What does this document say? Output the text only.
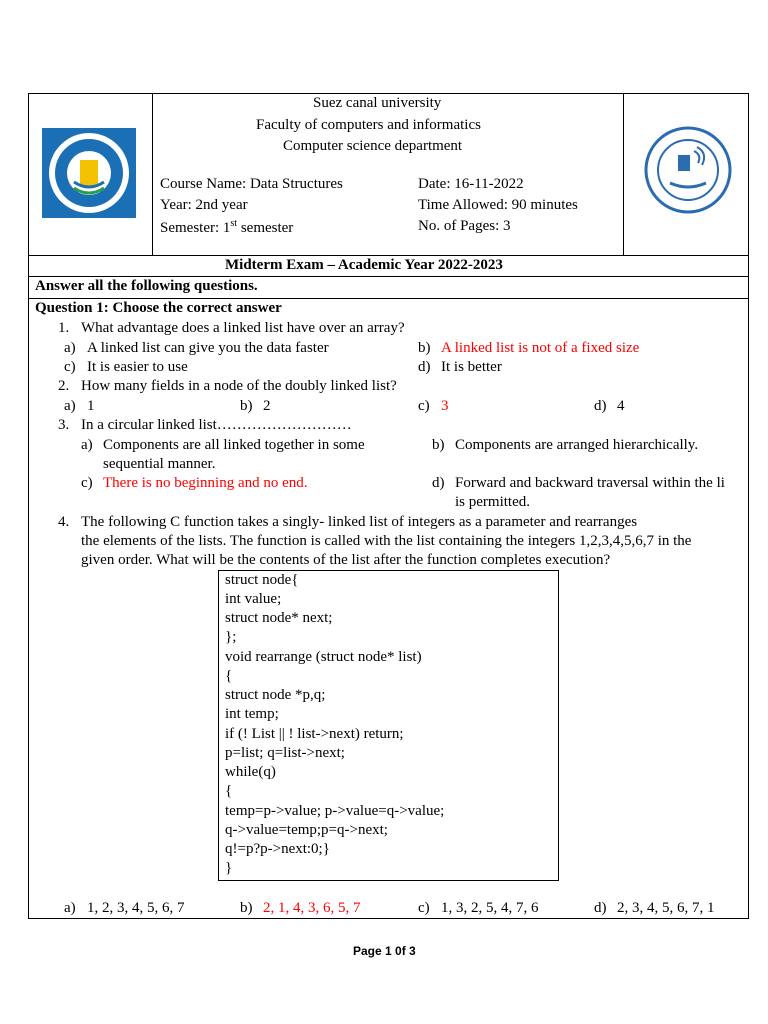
Suez canal university
Faculty of computers and informatics
Computer science department
Course Name: Data Structures
Year: 2nd year
Semester: 1st semester
Date: 16-11-2022
Time Allowed: 90 minutes
No. of Pages: 3
Midterm Exam – Academic Year 2022-2023
Answer all the following questions.
Question 1: Choose the correct answer
1. What advantage does a linked list have over an array?
a) A linked list can give you the data faster	b) A linked list is not of a fixed size
c) It is easier to use	d) It is better
2. How many fields in a node of the doubly linked list?
a) 1	b) 2	c) 3	d) 4
3. In a circular linked list………………………
a) Components are all linked together in some
sequential manner.
b) Components are arranged hierarchically.
c) There is no beginning and no end.	d) Forward and backward traversal within the li
is permitted.
4. The following C function takes a singly- linked list of integers as a parameter and rearranges
the elements of the lists. The function is called with the list containing the integers 1,2,3,4,5,6,7 in the
given order. What will be the contents of the list after the function completes execution?
struct node{
int value;
struct node* next;
};
void rearrange (struct node* list)
{
struct node *p,q;
int temp;
if (! List || ! list->next) return;
p=list; q=list->next;
while(q)
{
temp=p->value; p->value=q->value;
q->value=temp;p=q->next;
q!=p?p->next:0;}
}
a) 1, 2, 3, 4, 5, 6, 7	b) 2, 1, 4, 3, 6, 5, 7	c) 1, 3, 2, 5, 4, 7, 6	d) 2, 3, 4, 5, 6, 7, 1
Page 1 0f 3
